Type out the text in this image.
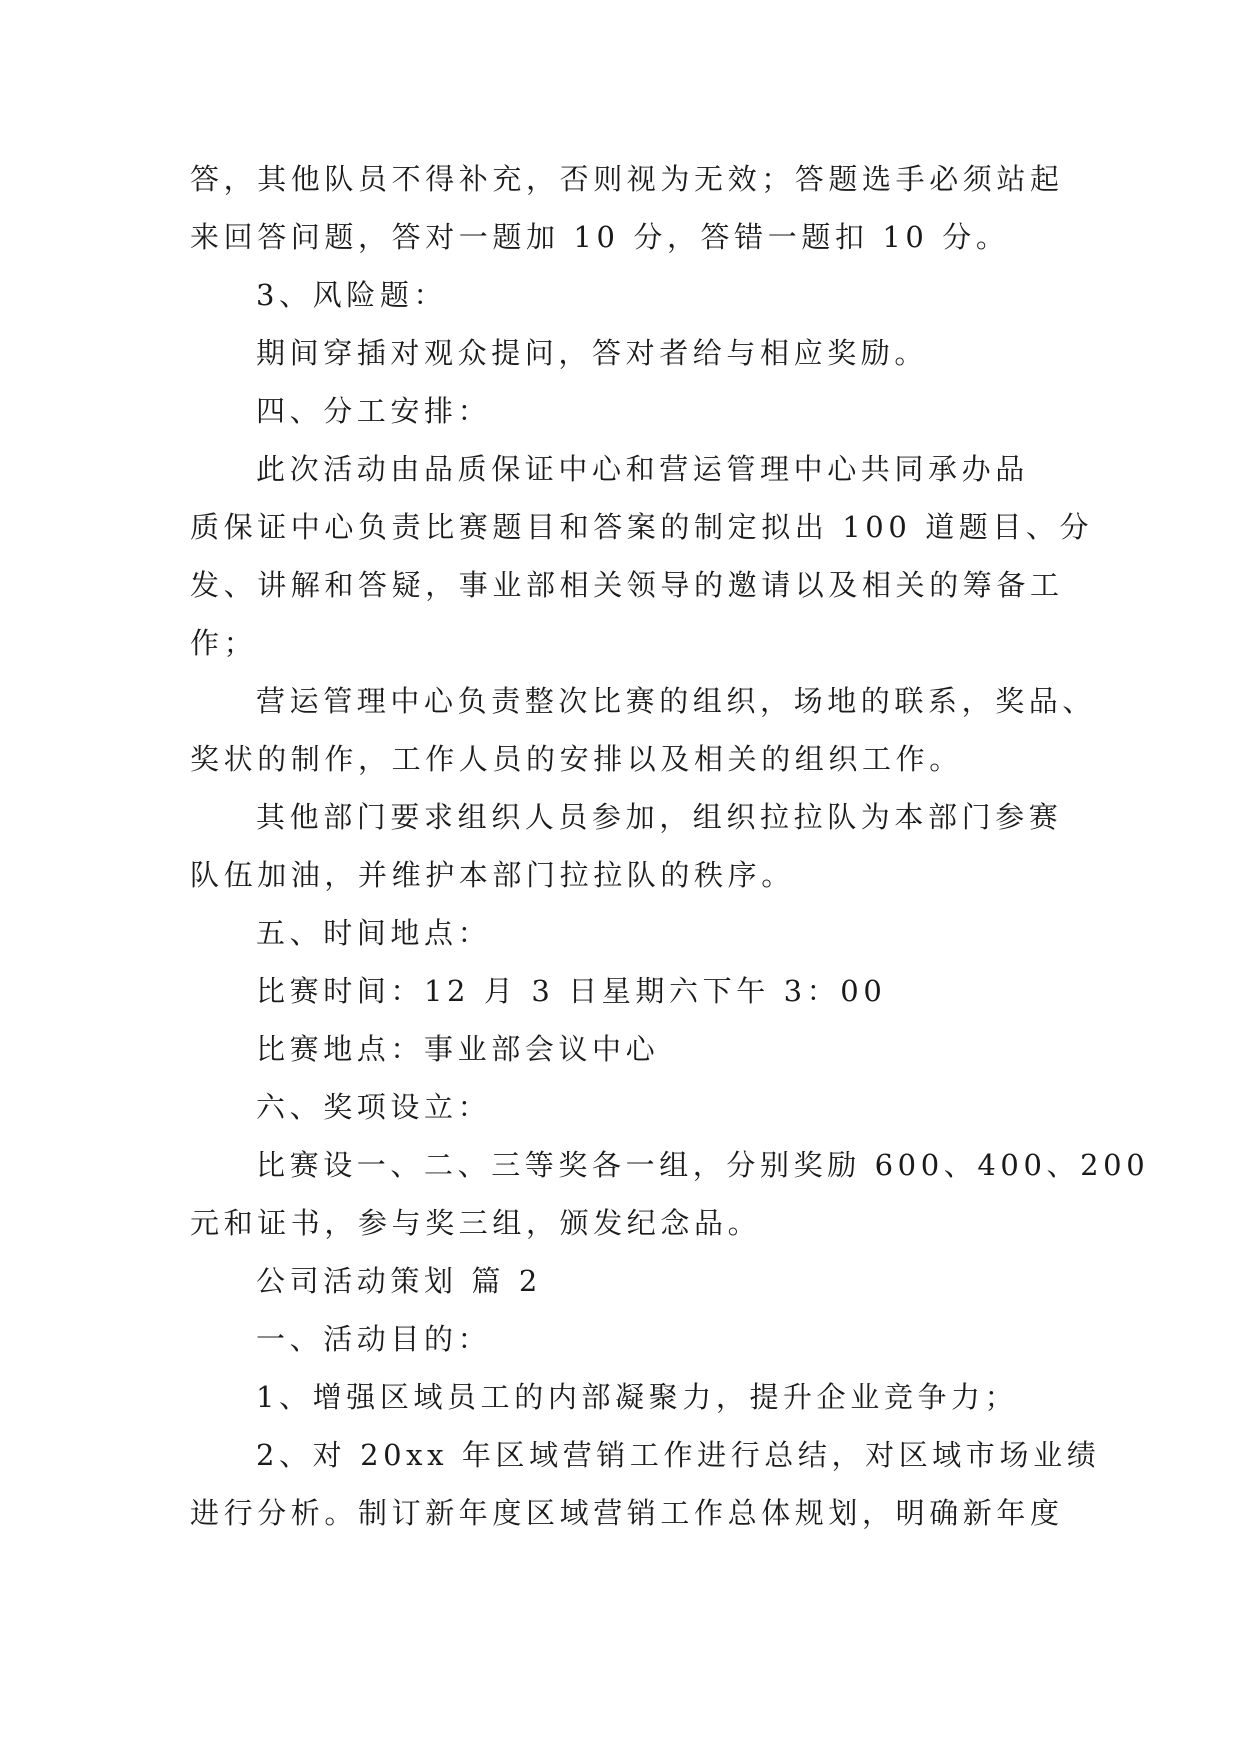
答，其他队员不得补充，否则视为无效；答题选手必须站起
来回答问题，答对一题加 10 分，答错一题扣 10 分。
3、风险题：
期间穿插对观众提问，答对者给与相应奖励。
四、分工安排：
此次活动由品质保证中心和营运管理中心共同承办品
质保证中心负责比赛题目和答案的制定拟出 100 道题目、分
发、讲解和答疑，事业部相关领导的邀请以及相关的筹备工
作；
营运管理中心负责整次比赛的组织，场地的联系，奖品、
奖状的制作，工作人员的安排以及相关的组织工作。
其他部门要求组织人员参加，组织拉拉队为本部门参赛
队伍加油，并维护本部门拉拉队的秩序。
五、时间地点：
比赛时间：12 月 3 日星期六下午 3：00
比赛地点：事业部会议中心
六、奖项设立：
比赛设一、二、三等奖各一组，分别奖励 600、400、200
元和证书，参与奖三组，颁发纪念品。
公司活动策划 篇 2
一、活动目的：
1、增强区域员工的内部凝聚力，提升企业竞争力；
2、对 20xx 年区域营销工作进行总结，对区域市场业绩
进行分析。制订新年度区域营销工作总体规划，明确新年度
